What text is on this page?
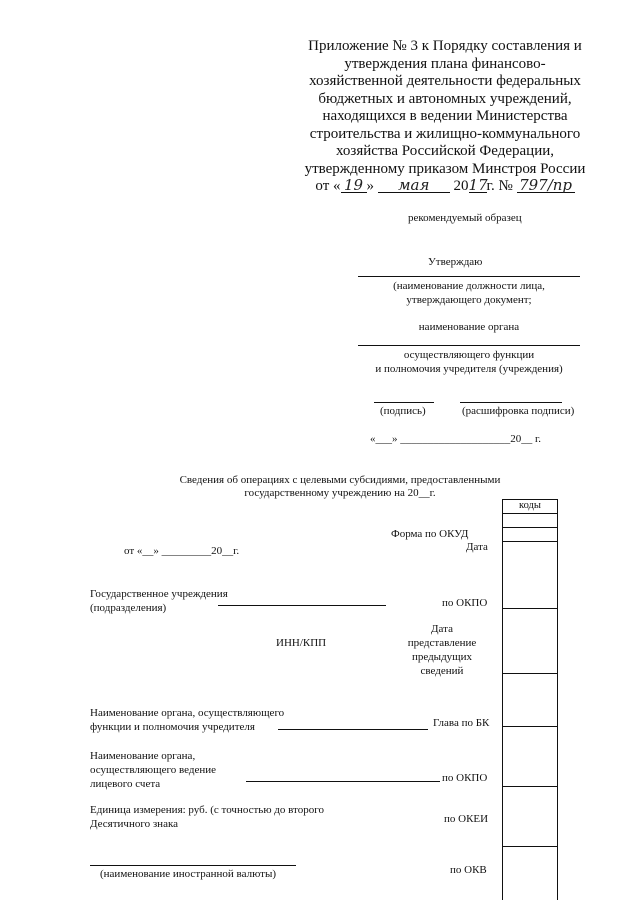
Приложение № 3 к Порядку составления и
утверждения плана финансово-
хозяйственной деятельности федеральных
бюджетных и автономных учреждений,
находящихся в ведении Министерства
строительства и жилищно-коммунального
хозяйства Российской Федерации,
утвержденному приказом Минстроя России
от « 19 » мая 2017г. № 797/пр
рекомендуемый образец
Утверждаю
(наименование должности лица,
утверждающего документ;
наименование органа
осуществляющего функции
и полномочия учредителя (учреждения)
(подпись)	(расшифровка подписи)
«___» ____________________20__ г.
Сведения об операциях с целевыми субсидиями, предоставленными
государственному учреждению на 20__г.
коды
Форма по ОКУД
Дата
от «__» _________20__г.
Государственное учреждения
(подразделения)	по ОКПО
ИНН/КПП
Дата
представление
предыдущих
сведений
Наименование органа, осуществляющего
функции и полномочия учредителя	Глава по БК
Наименование органа,
осуществляющего ведение
лицевого счета	по ОКПО
Единица измерения: руб. (с точностью до второго
Десятичного знака	по ОКЕИ
(наименование иностранной валюты)	по ОКВ
